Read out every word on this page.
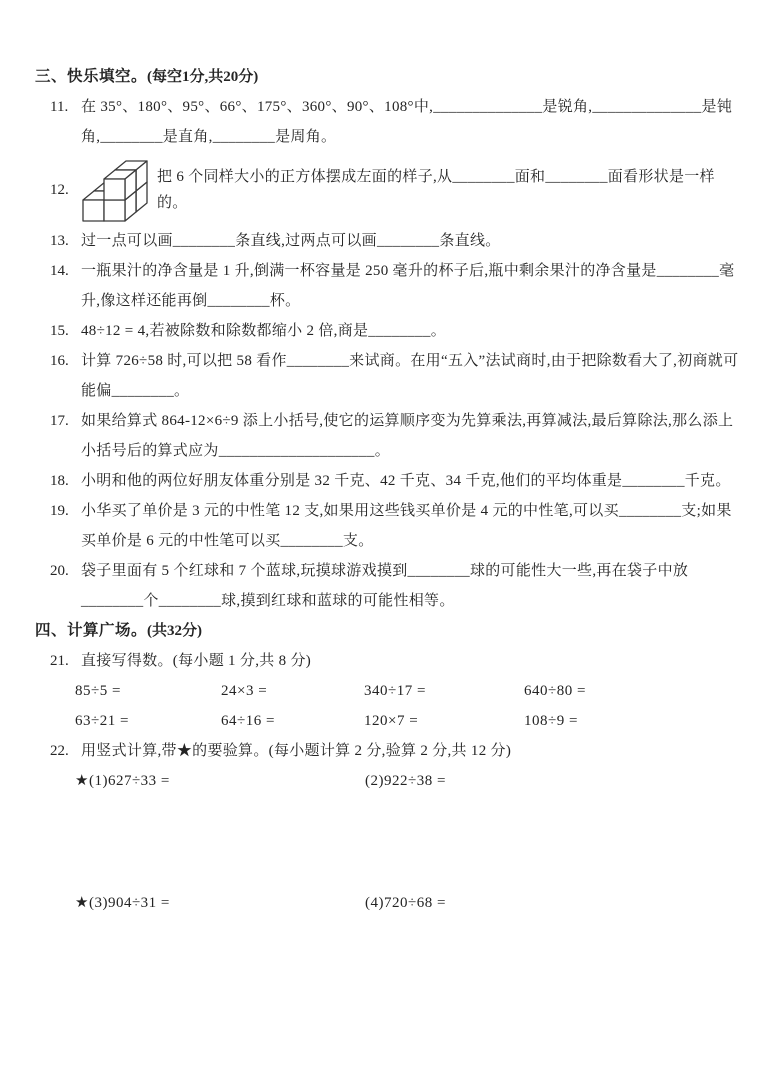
三、快乐填空。(每空1分,共20分)
11. 在 35°、180°、95°、66°、175°、360°、90°、108°中,______________是锐角,______________是钝角,________是直角,________是周角。
12.
把 6 个同样大小的正方体摆成左面的样子,从________面和________面看形状是一样的。
13. 过一点可以画________条直线,过两点可以画________条直线。
14. 一瓶果汁的净含量是 1 升,倒满一杯容量是 250 毫升的杯子后,瓶中剩余果汁的净含量是________毫升,像这样还能再倒________杯。
15. 48÷12 = 4,若被除数和除数都缩小 2 倍,商是________。
16. 计算 726÷58 时,可以把 58 看作________来试商。在用“五入”法试商时,由于把除数看大了,初商就可能偏________。
17. 如果给算式 864-12×6÷9 添上小括号,使它的运算顺序变为先算乘法,再算减法,最后算除法,那么添上小括号后的算式应为____________________。
18. 小明和他的两位好朋友体重分别是 32 千克、42 千克、34 千克,他们的平均体重是________千克。
19. 小华买了单价是 3 元的中性笔 12 支,如果用这些钱买单价是 4 元的中性笔,可以买________支;如果买单价是 6 元的中性笔可以买________支。
20. 袋子里面有 5 个红球和 7 个蓝球,玩摸球游戏摸到________球的可能性大一些,再在袋子中放________个________球,摸到红球和蓝球的可能性相等。
四、计算广场。(共32分)
21. 直接写得数。(每小题 1 分,共 8 分)
85÷5 =	24×3 =	340÷17 =	640÷80 =
63÷21 =	64÷16 =	120×7 =	108÷9 =
22. 用竖式计算,带★的要验算。(每小题计算 2 分,验算 2 分,共 12 分)
★(1)627÷33 =	(2)922÷38 =
★(3)904÷31 =	(4)720÷68 =
